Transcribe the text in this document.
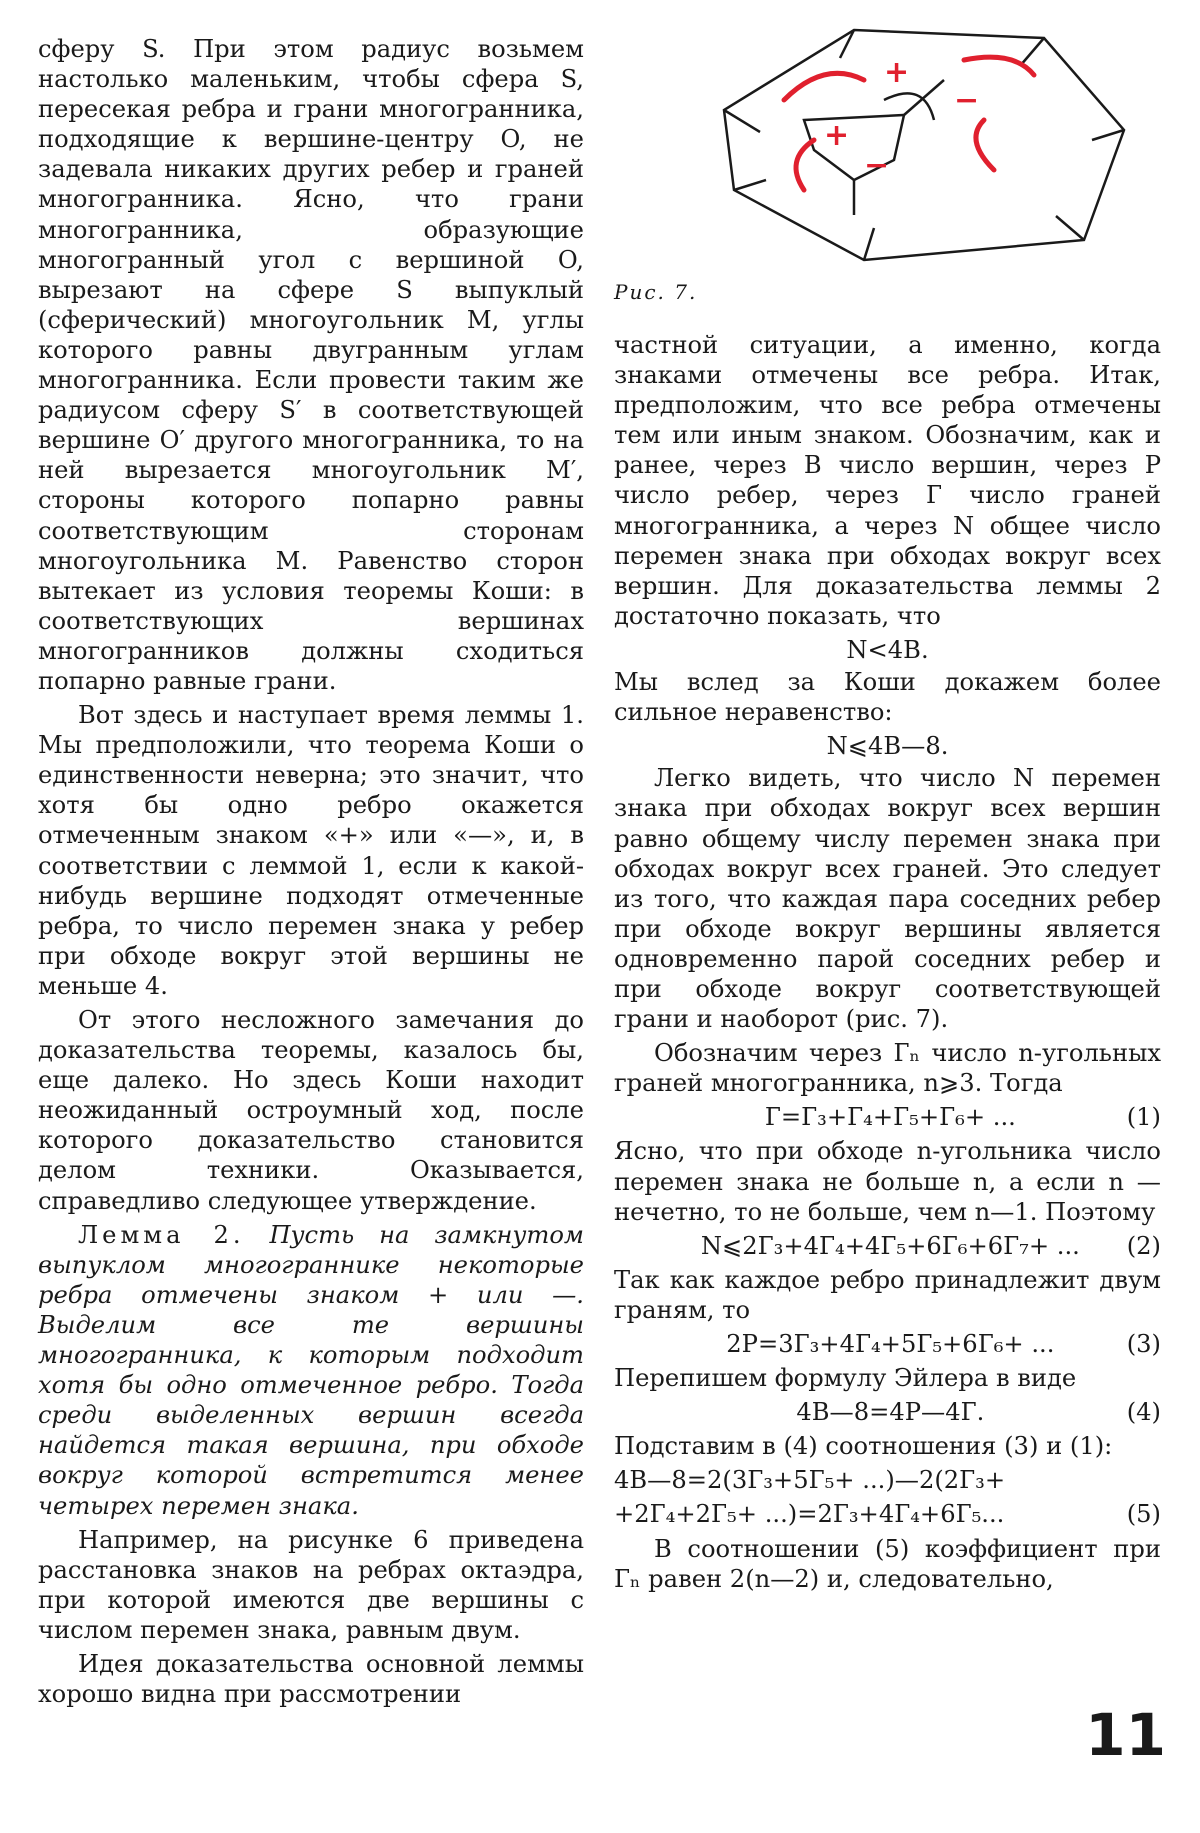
сферу S. При этом радиус возьмем настолько маленьким, чтобы сфера S, пересекая ребра и грани многогранника, подходящие к вершине-центру O, не задевала никаких других ребер и граней многогранника. Ясно, что грани многогранника, образующие многогранный угол с вершиной O, вырезают на сфере S выпуклый (сферический) многоугольник M, углы которого равны двугранным углам многогранника. Если провести таким же радиусом сферу S′ в соответствующей вершине O′ другого многогранника, то на ней вырезается многоугольник M′, стороны которого попарно равны соответствующим сторонам многоугольника M. Равенство сторон вытекает из условия теоремы Коши: в соответствующих вершинах многогранников должны сходиться попарно равные грани.

Вот здесь и наступает время леммы 1. Мы предположили, что теорема Коши о единственности неверна; это значит, что хотя бы одно ребро окажется отмеченным знаком «+» или «—», и, в соответствии с леммой 1, если к какой-нибудь вершине подходят отмеченные ребра, то число перемен знака у ребер при обходе вокруг этой вершины не меньше 4.

От этого несложного замечания до доказательства теоремы, казалось бы, еще далеко. Но здесь Коши находит неожиданный остроумный ход, после которого доказательство становится делом техники. Оказывается, справедливо следующее утверждение.

Лемма 2. Пусть на замкнутом выпуклом многограннике некоторые ребра отмечены знаком + или —. Выделим все те вершины многогранника, к которым подходит хотя бы одно отмеченное ребро. Тогда среди выделенных вершин всегда найдется такая вершина, при обходе вокруг которой встретится менее четырех перемен знака.

Например, на рисунке 6 приведена расстановка знаков на ребрах октаэдра, при которой имеются две вершины с числом перемен знака, равным двум.

Идея доказательства основной леммы хорошо видна при рассмотрении

+
+
−
−
Рис. 7.

частной ситуации, а именно, когда знаками отмечены все ребра. Итак, предположим, что все ребра отмечены тем или иным знаком. Обозначим, как и ранее, через В число вершин, через Р число ребер, через Г число граней многогранника, а через N общее число перемен знака при обходах вокруг всех вершин. Для доказательства леммы 2 достаточно показать, что

N<4В.

Мы вслед за Коши докажем более сильное неравенство:

N⩽4В—8.

Легко видеть, что число N перемен знака при обходах вокруг всех вершин равно общему числу перемен знака при обходах вокруг всех граней. Это следует из того, что каждая пара соседних ребер при обходе вокруг вершины является одновременно парой соседних ребер и при обходе вокруг соответствующей грани и наоборот (рис. 7).

Обозначим через Гₙ число n-угольных граней многогранника, n⩾3. Тогда

Г=Г₃+Г₄+Г₅+Г₆+ ...	(1)

Ясно, что при обходе n-угольника число перемен знака не больше n, а если n — нечетно, то не больше, чем n—1. Поэтому

N⩽2Г₃+4Г₄+4Г₅+6Г₆+6Г₇+ ...	(2)

Так как каждое ребро принадлежит двум граням, то

2Р=3Г₃+4Г₄+5Г₅+6Г₆+ ...	(3)

Перепишем формулу Эйлера в виде

4В—8=4Р—4Г.	(4)

Подставим в (4) соотношения (3) и (1):

4В—8=2(3Г₃+5Г₅+ ...)—2(2Г₃+
+2Г₄+2Г₅+ ...)=2Г₃+4Г₄+6Г₅...	(5)

В соотношении (5) коэффициент при Гₙ равен 2(n—2) и, следовательно,

11
